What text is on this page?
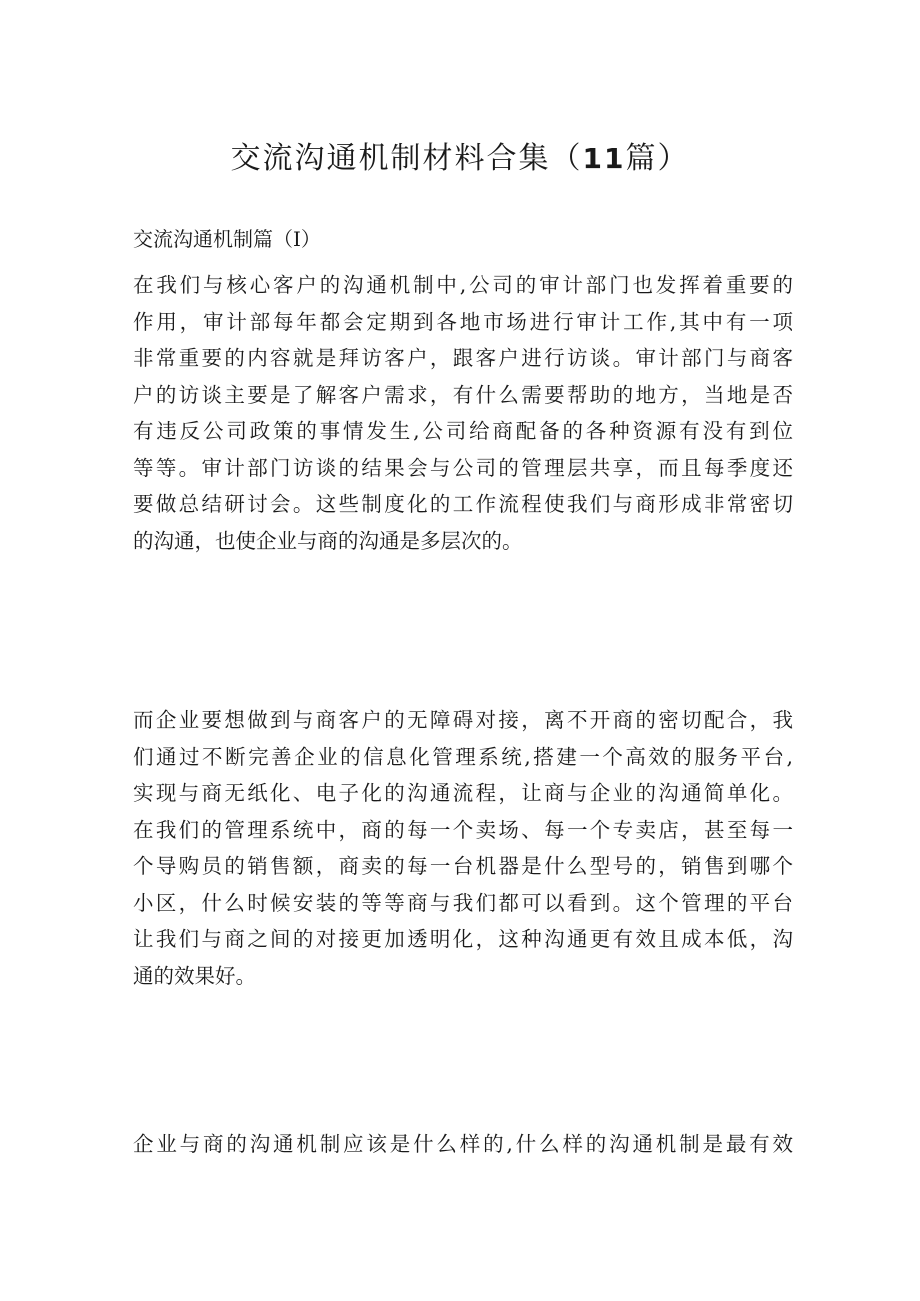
交流沟通机制材料合集（11篇）
交流沟通机制篇（I）
在我们与核心客户的沟通机制中,公司的审计部门也发挥着重要的
作用，审计部每年都会定期到各地市场进行审计工作,其中有一项
非常重要的内容就是拜访客户，跟客户进行访谈。审计部门与商客
户的访谈主要是了解客户需求，有什么需要帮助的地方，当地是否
有违反公司政策的事情发生,公司给商配备的各种资源有没有到位
等等。审计部门访谈的结果会与公司的管理层共享，而且每季度还
要做总结研讨会。这些制度化的工作流程使我们与商形成非常密切
的沟通，也使企业与商的沟通是多层次的。
而企业要想做到与商客户的无障碍对接，离不开商的密切配合，我
们通过不断完善企业的信息化管理系统,搭建一个高效的服务平台,
实现与商无纸化、电子化的沟通流程，让商与企业的沟通简单化。
在我们的管理系统中，商的每一个卖场、每一个专卖店，甚至每一
个导购员的销售额，商卖的每一台机器是什么型号的，销售到哪个
小区，什么时候安装的等等商与我们都可以看到。这个管理的平台
让我们与商之间的对接更加透明化，这种沟通更有效且成本低，沟
通的效果好。
企业与商的沟通机制应该是什么样的,什么样的沟通机制是最有效
